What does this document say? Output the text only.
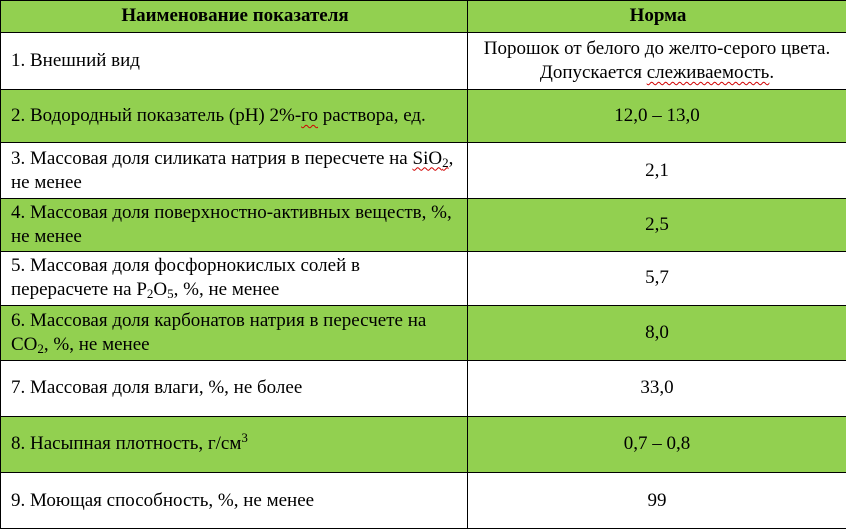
Наименование показателя	Норма
1. Внешний вид	Порошок от белого до желто-серого цвета. Допускается слеживаемость.
2. Водородный показатель (pH) 2%-го раствора, ед.	12,0 – 13,0
3. Массовая доля силиката натрия в пересчете на SiO$_2$, не менее	2,1
4. Массовая доля поверхностно-активных веществ, %, не менее	2,5
5. Массовая доля фосфорнокислых солей в перерасчете на $P_2O_5$, %, не менее	5,7
6. Массовая доля карбонатов натрия в пересчете на $CO_2$, %, не менее	8,0
7. Массовая доля влаги, %, не более	33,0
8. Насыпная плотность, $г/см^3$	0,7 – 0,8
9. Моющая способность, %, не менее	99
